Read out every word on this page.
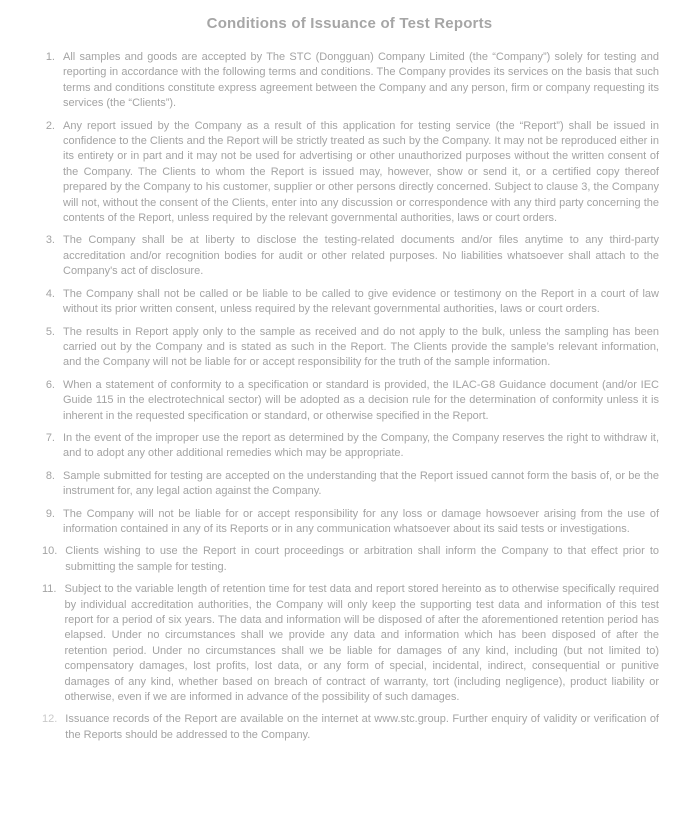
Conditions of Issuance of Test Reports
1. All samples and goods are accepted by The STC (Dongguan) Company Limited (the “Company”) solely for testing and reporting in accordance with the following terms and conditions. The Company provides its services on the basis that such terms and conditions constitute express agreement between the Company and any person, firm or company requesting its services (the “Clients”).
2. Any report issued by the Company as a result of this application for testing service (the “Report”) shall be issued in confidence to the Clients and the Report will be strictly treated as such by the Company. It may not be reproduced either in its entirety or in part and it may not be used for advertising or other unauthorized purposes without the written consent of the Company. The Clients to whom the Report is issued may, however, show or send it, or a certified copy thereof prepared by the Company to his customer, supplier or other persons directly concerned. Subject to clause 3, the Company will not, without the consent of the Clients, enter into any discussion or correspondence with any third party concerning the contents of the Report, unless required by the relevant governmental authorities, laws or court orders.
3. The Company shall be at liberty to disclose the testing-related documents and/or files anytime to any third-party accreditation and/or recognition bodies for audit or other related purposes. No liabilities whatsoever shall attach to the Company's act of disclosure.
4. The Company shall not be called or be liable to be called to give evidence or testimony on the Report in a court of law without its prior written consent, unless required by the relevant governmental authorities, laws or court orders.
5. The results in Report apply only to the sample as received and do not apply to the bulk, unless the sampling has been carried out by the Company and is stated as such in the Report. The Clients provide the sample’s relevant information, and the Company will not be liable for or accept responsibility for the truth of the sample information.
6. When a statement of conformity to a specification or standard is provided, the ILAC-G8 Guidance document (and/or IEC Guide 115 in the electrotechnical sector) will be adopted as a decision rule for the determination of conformity unless it is inherent in the requested specification or standard, or otherwise specified in the Report.
7. In the event of the improper use the report as determined by the Company, the Company reserves the right to withdraw it, and to adopt any other additional remedies which may be appropriate.
8. Sample submitted for testing are accepted on the understanding that the Report issued cannot form the basis of, or be the instrument for, any legal action against the Company.
9. The Company will not be liable for or accept responsibility for any loss or damage howsoever arising from the use of information contained in any of its Reports or in any communication whatsoever about its said tests or investigations.
10. Clients wishing to use the Report in court proceedings or arbitration shall inform the Company to that effect prior to submitting the sample for testing.
11. Subject to the variable length of retention time for test data and report stored hereinto as to otherwise specifically required by individual accreditation authorities, the Company will only keep the supporting test data and information of this test report for a period of six years. The data and information will be disposed of after the aforementioned retention period has elapsed. Under no circumstances shall we provide any data and information which has been disposed of after the retention period. Under no circumstances shall we be liable for damages of any kind, including (but not limited to) compensatory damages, lost profits, lost data, or any form of special, incidental, indirect, consequential or punitive damages of any kind, whether based on breach of contract of warranty, tort (including negligence), product liability or otherwise, even if we are informed in advance of the possibility of such damages.
12. Issuance records of the Report are available on the internet at www.stc.group. Further enquiry of validity or verification of the Reports should be addressed to the Company.
